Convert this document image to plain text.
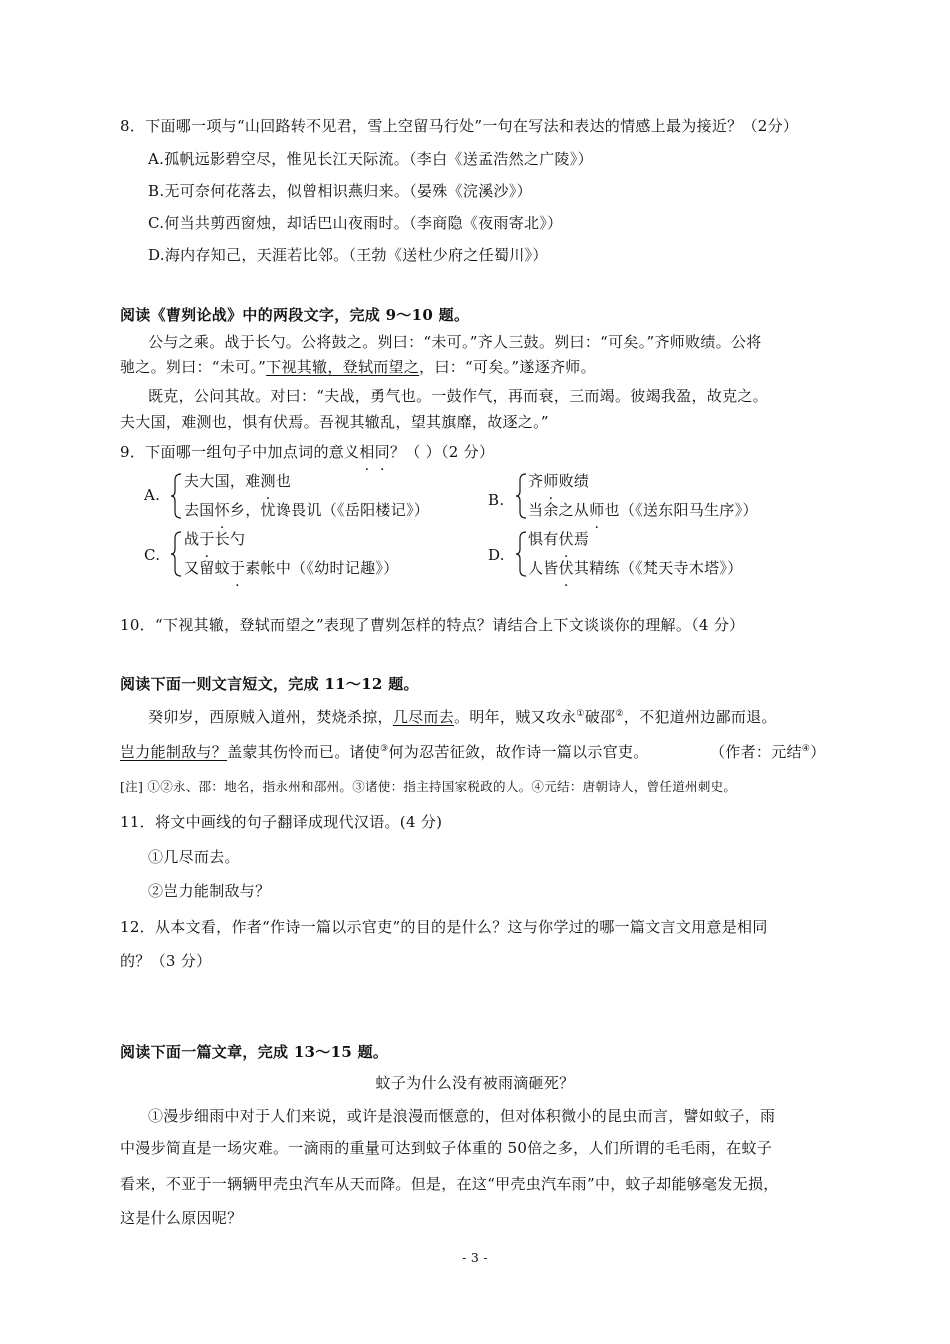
8．下面哪一项与“山回路转不见君，雪上空留马行处”一句在写法和表达的情感上最为接近？（2分）
A.孤帆远影碧空尽，惟见长江天际流。（李白《送孟浩然之广陵》）
B.无可奈何花落去，似曾相识燕归来。（晏殊《浣溪沙》）
C.何当共剪西窗烛，却话巴山夜雨时。（李商隐《夜雨寄北》）
D.海内存知己，天涯若比邻。（王勃《送杜少府之任蜀川》）
阅读《曹刿论战》中的两段文字，完成 9～10 题。
公与之乘。战于长勺。公将鼓之。刿曰：“未可。”齐人三鼓。刿曰：“可矣。”齐师败绩。公将
驰之。刿曰：“未可。”下视其辙，登轼而望之，曰：“可矣。”遂逐齐师。
既克，公问其故。对曰：“夫战，勇气也。一鼓作气，再而衰，三而竭。彼竭我盈，故克之。
夫大国，难测也，惧有伏焉。吾视其辙乱，望其旗靡，故逐之。”
9．下面哪一组句子中加点词的意义相同？（ ）（2 分）
A.
夫大国，难测也
去国怀乡，忧谗畏讥（《岳阳楼记》）
B.
齐师败绩
当余之从师也（《送东阳马生序》）
C.
战于长勺
又留蚊于素帐中（《幼时记趣》）
D.
惧有伏焉
人皆伏其精练（《梵天寺木塔》）
10．“下视其辙，登轼而望之”表现了曹刿怎样的特点？请结合上下文谈谈你的理解。（4 分）
阅读下面一则文言短文，完成 11～12 题。
癸卯岁，西原贼入道州，焚烧杀掠，几尽而去。明年，贼又攻永①破邵②，不犯道州边鄙而退。
岂力能制敌与？盖蒙其伤怜而已。诸使③何为忍苦征敛，故作诗一篇以示官吏。	（作者：元结④）
[注] ①②永、邵：地名，指永州和邵州。③诸使：指主持国家税政的人。④元结：唐朝诗人，曾任道州刺史。
11．将文中画线的句子翻译成现代汉语。(4 分)
①几尽而去。
②岂力能制敌与？
12．从本文看，作者“作诗一篇以示官吏”的目的是什么？这与你学过的哪一篇文言文用意是相同
的？（3 分）
阅读下面一篇文章，完成 13～15 题。
蚊子为什么没有被雨滴砸死？
①漫步细雨中对于人们来说，或许是浪漫而惬意的，但对体积微小的昆虫而言，譬如蚊子，雨
中漫步简直是一场灾难。一滴雨的重量可达到蚊子体重的 50倍之多，人们所谓的毛毛雨，在蚊子
看来，不亚于一辆辆甲壳虫汽车从天而降。但是，在这“甲壳虫汽车雨”中，蚊子却能够毫发无损，
这是什么原因呢？
- 3 -
